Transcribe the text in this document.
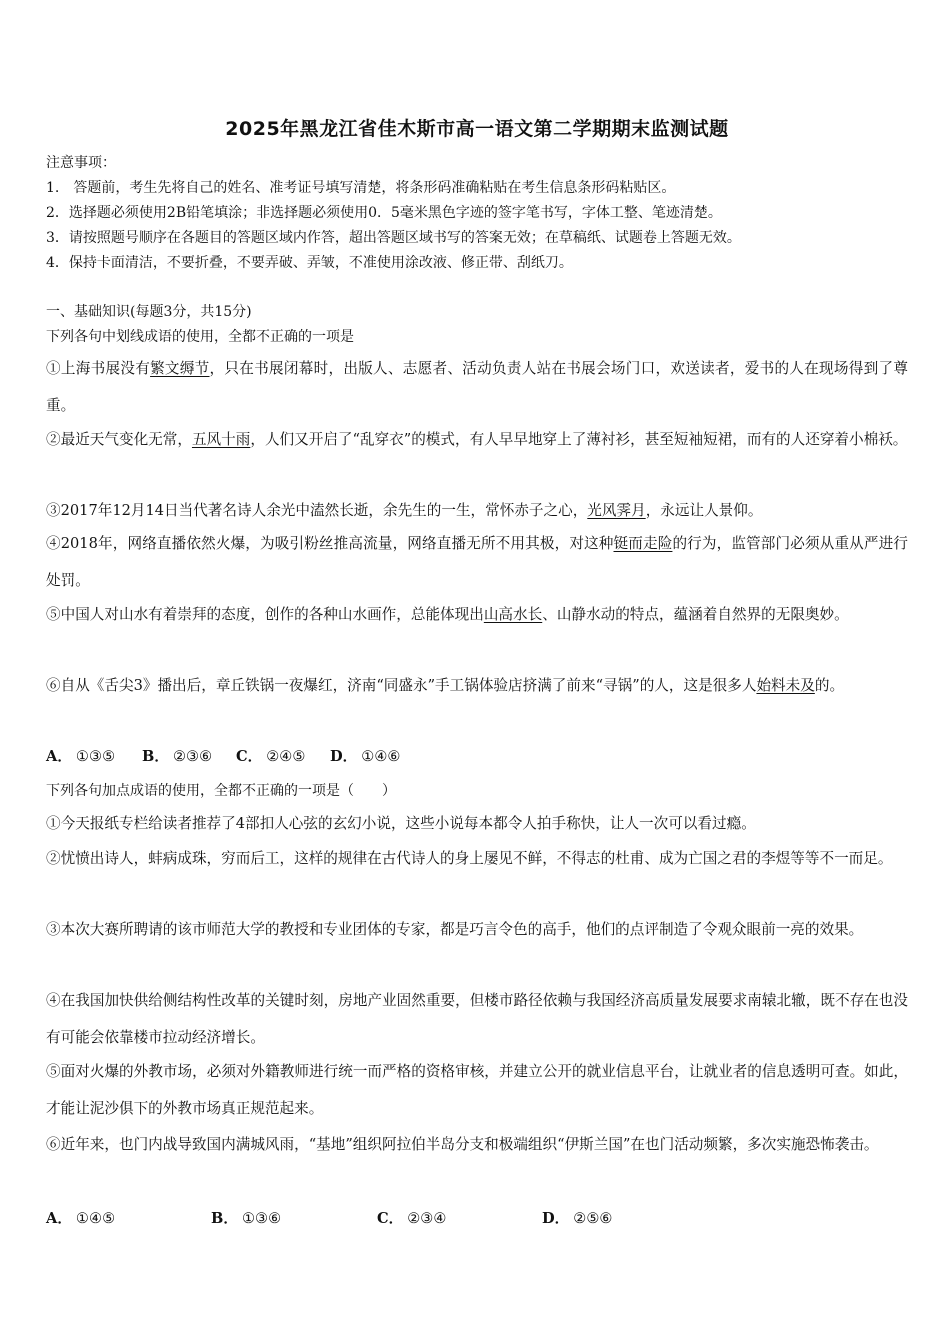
2025年黑龙江省佳木斯市高一语文第二学期期末监测试题
注意事项：
1.　答题前，考生先将自己的姓名、准考证号填写清楚，将条形码准确粘贴在考生信息条形码粘贴区。
2．选择题必须使用2B铅笔填涂；非选择题必须使用0．5毫米黑色字迹的签字笔书写，字体工整、笔迹清楚。
3．请按照题号顺序在各题目的答题区域内作答，超出答题区域书写的答案无效；在草稿纸、试题卷上答题无效。
4．保持卡面清洁，不要折叠，不要弄破、弄皱，不准使用涂改液、修正带、刮纸刀。
一、基础知识(每题3分，共15分)
下列各句中划线成语的使用，全都不正确的一项是
①上海书展没有繁文缛节，只在书展闭幕时，出版人、志愿者、活动负责人站在书展会场门口，欢送读者，爱书的人在现场得到了尊重。
②最近天气变化无常，五风十雨，人们又开启了“乱穿衣”的模式，有人早早地穿上了薄衬衫，甚至短袖短裙，而有的人还穿着小棉袄。
③2017年12月14日当代著名诗人余光中溘然长逝，余先生的一生，常怀赤子之心，光风霁月，永远让人景仰。
④2018年，网络直播依然火爆，为吸引粉丝推高流量，网络直播无所不用其极，对这种铤而走险的行为，监管部门必须从重从严进行处罚。
⑤中国人对山水有着崇拜的态度，创作的各种山水画作，总能体现出山高水长、山静水动的特点，蕴涵着自然界的无限奥妙。
⑥自从《舌尖3》播出后，章丘铁锅一夜爆红，济南“同盛永”手工锅体验店挤满了前来“寻锅”的人，这是很多人始料未及的。
A． ①③⑤ B． ②③⑥ C． ②④⑤ D． ①④⑥
下列各句加点成语的使用，全都不正确的一项是（　　）
①今天报纸专栏给读者推荐了4部扣人心弦的玄幻小说，这些小说每本都令人拍手称快，让人一次可以看过瘾。
②忧愤出诗人，蚌病成珠，穷而后工，这样的规律在古代诗人的身上屡见不鲜，不得志的杜甫、成为亡国之君的李煜等等不一而足。
③本次大赛所聘请的该市师范大学的教授和专业团体的专家，都是巧言令色的高手，他们的点评制造了令观众眼前一亮的效果。
④在我国加快供给侧结构性改革的关键时刻，房地产业固然重要，但楼市路径依赖与我国经济高质量发展要求南辕北辙，既不存在也没有可能会依靠楼市拉动经济增长。
⑤面对火爆的外教市场，必须对外籍教师进行统一而严格的资格审核，并建立公开的就业信息平台，让就业者的信息透明可查。如此，才能让泥沙俱下的外教市场真正规范起来。
⑥近年来，也门内战导致国内满城风雨，“基地”组织阿拉伯半岛分支和极端组织“伊斯兰国”在也门活动频繁，多次实施恐怖袭击。
A． ①④⑤	B． ①③⑥	C． ②③④	D． ②⑤⑥
